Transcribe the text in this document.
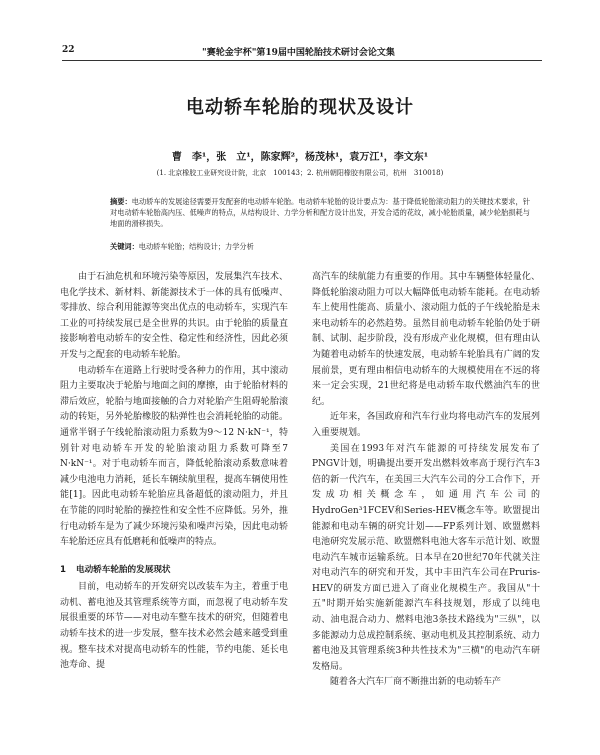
22	"赛轮金宇杯"第19届中国轮胎技术研讨会论文集
电动轿车轮胎的现状及设计
曹　李¹，张　立¹，陈家辉²，杨茂林¹，袁万江¹，李文东¹
(1. 北京橡胶工业研究设计院，北京　100143；2. 杭州朝阳橡胶有限公司，杭州　310018)
摘要：电动轿车的发展途径需要开发配套的电动轿车轮胎。电动轿车轮胎的设计要点为：基于降低轮胎滚动阻力的关键技术要求，针对电动轿车轮胎高内压、低噪声的特点，从结构设计、力学分析和配方设计出发，开发合适的花纹，减小轮胎质量，减少轮胎损耗与地面的滑移损失。
关键词：电动轿车轮胎；结构设计；力学分析

由于石油危机和环境污染等原因，发展集汽车技术、电化学技术、新材料、新能源技术于一体的具有低噪声、零排放、综合利用能源等突出优点的电动轿车，实现汽车工业的可持续发展已是全世界的共识。由于轮胎的质量直接影响着电动轿车的安全性、稳定性和经济性，因此必须开发与之配套的电动轿车轮胎。

电动轿车在道路上行驶时受各种力的作用，其中滚动阻力主要取决于轮胎与地面之间的摩擦，由于轮胎材料的滞后效应，轮胎与地面接触的合力对轮胎产生阻碍轮胎滚动的转矩，另外轮胎橡胶的粘弹性也会消耗轮胎的动能。通常半钢子午线轮胎滚动阻力系数为9～12 N·kN⁻¹，特别针对电动轿车开发的轮胎滚动阻力系数可降至7 N·kN⁻¹。对于电动轿车而言，降低轮胎滚动系数意味着减少电池电力消耗，延长车辆续航里程，提高车辆使用性能[1]。因此电动轿车轮胎应具备超低的滚动阻力，并且在节能的同时轮胎的操控性和安全性不应降低。另外，推行电动轿车是为了减少环境污染和噪声污染，因此电动轿车轮胎还应具有低磨耗和低噪声的特点。

1 电动轿车轮胎的发展现状

目前，电动轿车的开发研究以改装车为主，着重于电动机、蓄电池及其管理系统等方面，而忽视了电动轿车发展很重要的环节——对电动车整车技术的研究，但随着电动轿车技术的进一步发展，整车技术必然会越来越受到重视。整车技术对提高电动轿车的性能，节约电能、延长电池寿命、提

高汽车的续航能力有重要的作用。其中车辆整体轻量化、降低轮胎滚动阻力可以大幅降低电动轿车能耗。在电动轿车上使用性能高、质量小、滚动阻力低的子午线轮胎是未来电动轿车的必然趋势。虽然目前电动轿车轮胎仍处于研制、试制、起步阶段，没有形成产业化规模，但有理由认为随着电动轿车的快速发展，电动轿车轮胎具有广阔的发展前景，更有理由相信电动轿车的大规模使用在不远的将来一定会实现，21世纪将是电动轿车取代燃油汽车的世纪。

近年来，各国政府和汽车行业均将电动汽车的发展列入重要规划。

美国在1993年对汽车能源的可持续发展发布了PNGV计划，明确提出要开发出燃料效率高于现行汽车3倍的新一代汽车，在美国三大汽车公司的分工合作下，开发成功相关概念车，如通用汽车公司的HydroGen³1FCEV和Series-HEV概念车等。欧盟提出能源和电动车辆的研究计划——FP系列计划、欧盟燃料电池研究发展示范、欧盟燃料电池大客车示范计划、欧盟电动汽车城市运输系统。日本早在20世纪70年代就关注对电动汽车的研究和开发，其中丰田汽车公司在Pruris-HEV的研发方面已进入了商业化规模生产。我国从"十五"时期开始实施新能源汽车科技规划，形成了以纯电动、油电混合动力、燃料电池3条技术路线为"三纵"，以多能源动力总成控制系统、驱动电机及其控制系统、动力蓄电池及其管理系统3种共性技术为"三横"的电动汽车研发格局。

随着各大汽车厂商不断推出新的电动轿车产
